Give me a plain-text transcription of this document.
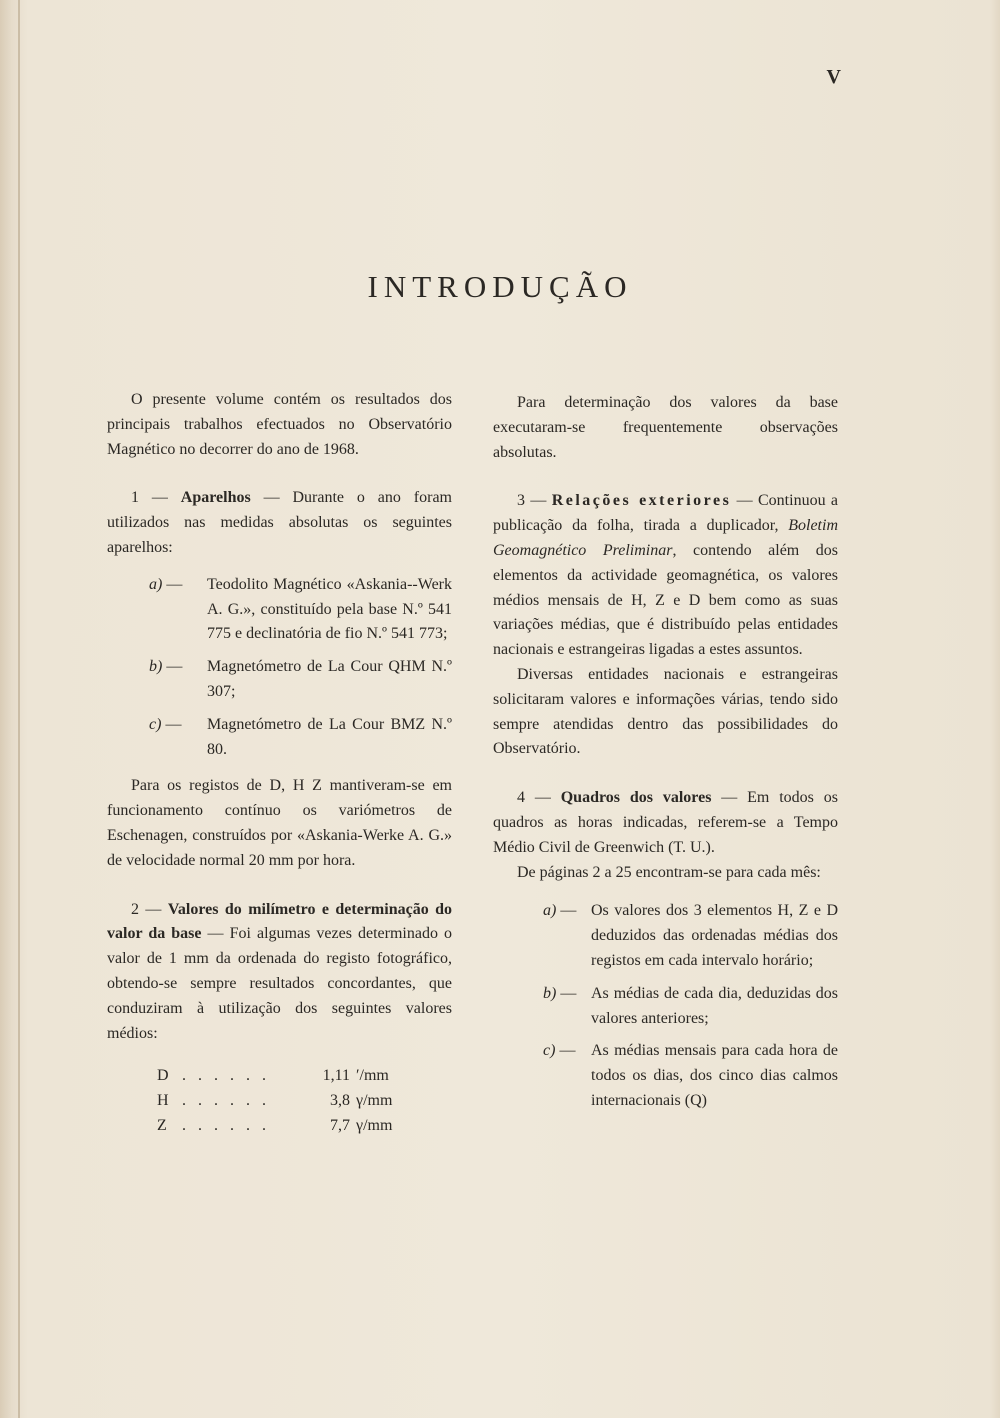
V
INTRODUÇÃO

O presente volume contém os resultados dos principais trabalhos efectuados no Observatório Magnético no decorrer do ano de 1968.

1 — Aparelhos — Durante o ano foram utilizados nas medidas absolutas os seguintes aparelhos:

a) —	Teodolito Magnético «Askania--Werk A. G.», constituído pela base N.º 541 775 e declinatória de fio N.º 541 773;
b) —	Magnetómetro de La Cour QHM N.º 307;
c) —	Magnetómetro de La Cour BMZ N.º 80.

Para os registos de D, H Z mantiveram-se em funcionamento contínuo os variómetros de Eschenagen, construídos por «Askania-Werke A. G.» de velocidade normal 20 mm por hora.

2 — Valores do milímetro e determinação do valor da base — Foi algumas vezes determinado o valor de 1 mm da ordenada do registo fotográfico, obtendo-se sempre resultados concordantes, que conduziram à utilização dos seguintes valores médios:

D . . . . . .	1,11 ′/mm
H . . . . . .	3,8 γ/mm
Z . . . . . .	7,7 γ/mm

Para determinação dos valores da base executaram-se frequentemente observações absolutas.

3 — Relações exteriores — Continuou a publicação da folha, tirada a duplicador, Boletim Geomagnético Preliminar, contendo além dos elementos da actividade geomagnética, os valores médios mensais de H, Z e D bem como as suas variações médias, que é distribuído pelas entidades nacionais e estrangeiras ligadas a estes assuntos.

Diversas entidades nacionais e estrangeiras solicitaram valores e informações várias, tendo sido sempre atendidas dentro das possibilidades do Observatório.

4 — Quadros dos valores — Em todos os quadros as horas indicadas, referem-se a Tempo Médio Civil de Greenwich (T. U.).

De páginas 2 a 25 encontram-se para cada mês:

a) — Os valores dos 3 elementos H, Z e D deduzidos das ordenadas médias dos registos em cada intervalo horário;
b) — As médias de cada dia, deduzidas dos valores anteriores;
c) — As médias mensais para cada hora de todos os dias, dos cinco dias calmos internacionais (Q)
